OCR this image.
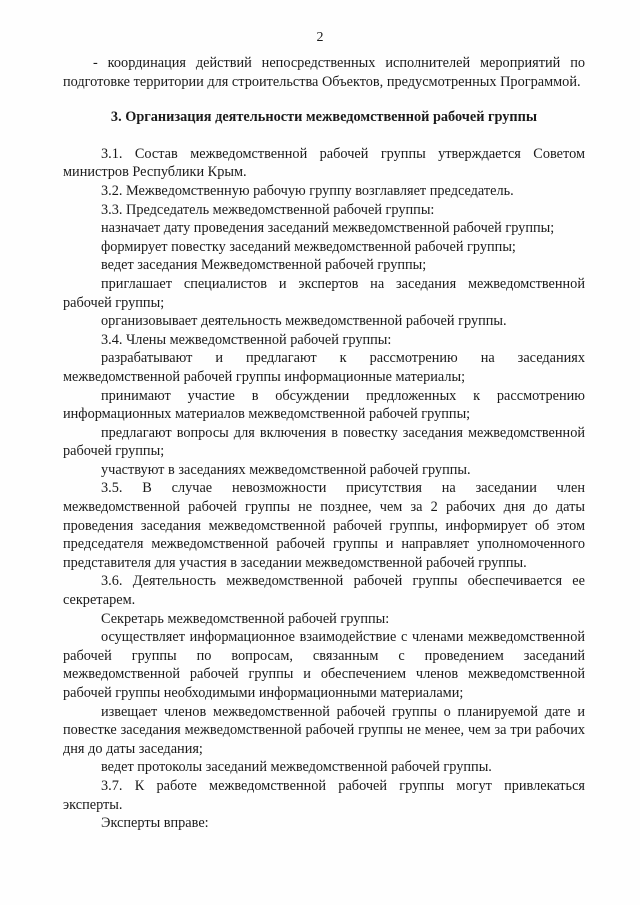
2

- координация действий непосредственных исполнителей мероприятий по подготовке территории для строительства Объектов, предусмотренных Программой.

3. Организация деятельности межведомственной рабочей группы

3.1. Состав межведомственной рабочей группы утверждается Советом министров Республики Крым.

3.2. Межведомственную рабочую группу возглавляет председатель.

3.3. Председатель межведомственной рабочей группы:

назначает дату проведения заседаний межведомственной рабочей группы;

формирует повестку заседаний межведомственной рабочей группы;

ведет заседания Межведомственной рабочей группы;

приглашает специалистов и экспертов на заседания межведомственной рабочей группы;

организовывает деятельность межведомственной рабочей группы.

3.4. Члены межведомственной рабочей группы:

разрабатывают и предлагают к рассмотрению на заседаниях межведомственной рабочей группы информационные материалы;

принимают участие в обсуждении предложенных к рассмотрению информационных материалов межведомственной рабочей группы;

предлагают вопросы для включения в повестку заседания межведомственной рабочей группы;

участвуют в заседаниях межведомственной рабочей группы.

3.5. В случае невозможности присутствия на заседании член межведомственной рабочей группы не позднее, чем за 2 рабочих дня до даты проведения заседания межведомственной рабочей группы, информирует об этом председателя межведомственной рабочей группы и направляет уполномоченного представителя для участия в заседании межведомственной рабочей группы.

3.6. Деятельность межведомственной рабочей группы обеспечивается ее секретарем.

Секретарь межведомственной рабочей группы:

осуществляет информационное взаимодействие с членами межведомственной рабочей группы по вопросам, связанным с проведением заседаний межведомственной рабочей группы и обеспечением членов межведомственной рабочей группы необходимыми информационными материалами;

извещает членов межведомственной рабочей группы о планируемой дате и повестке заседания межведомственной рабочей группы не менее, чем за три рабочих дня до даты заседания;

ведет протоколы заседаний межведомственной рабочей группы.

3.7. К работе межведомственной рабочей группы могут привлекаться эксперты.

Эксперты вправе:
